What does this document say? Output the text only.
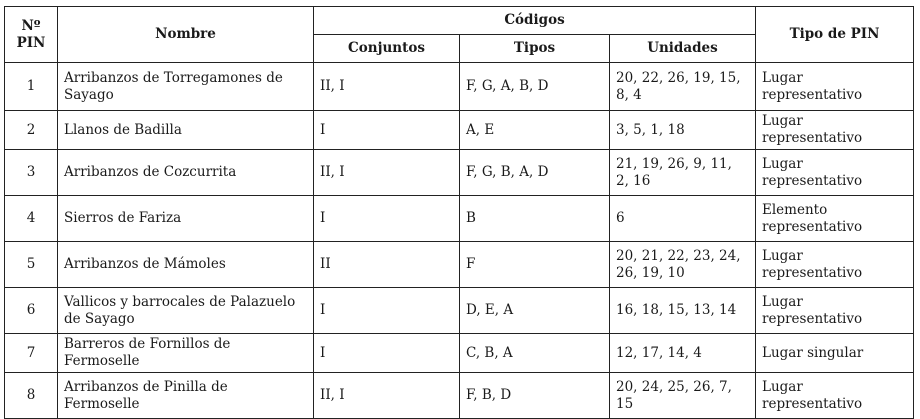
Nº PIN	Nombre	Códigos			Tipo de PIN
		Conjuntos	Tipos	Unidades	
1	Arribanzos de Torregamones de Sayago	II, I	F, G, A, B, D	20, 22, 26, 19, 15, 8, 4	Lugar representativo
2	Llanos de Badilla	I	A, E	3, 5, 1, 18	Lugar representativo
3	Arribanzos de Cozcurrita	II, I	F, G, B, A, D	21, 19, 26, 9, 11, 2, 16	Lugar representativo
4	Sierros de Fariza	I	B	6	Elemento representativo
5	Arribanzos de Mámoles	II	F	20, 21, 22, 23, 24, 26, 19, 10	Lugar representativo
6	Vallicos y barrocales de Palazuelo de Sayago	I	D, E, A	16, 18, 15, 13, 14	Lugar representativo
7	Barreros de Fornillos de Fermoselle	I	C, B, A	12, 17, 14, 4	Lugar singular
8	Arribanzos de Pinilla de Fermoselle	II, I	F, B, D	20, 24, 25, 26, 7, 15	Lugar representativo
